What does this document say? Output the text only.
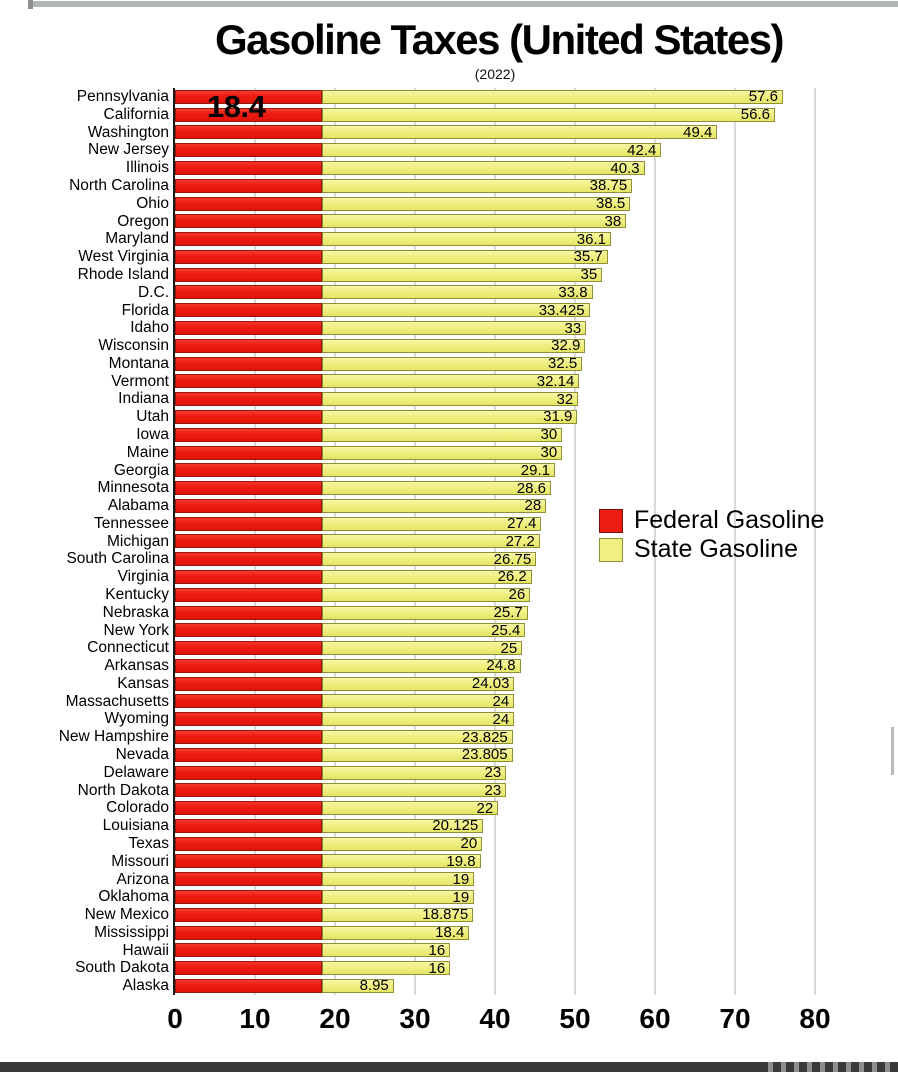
Gasoline Taxes (United States)
(2022)
Pennsylvania	57.6
California	56.6
Washington	49.4
New Jersey	42.4
Illinois	40.3
North Carolina	38.75
Ohio	38.5
Oregon	38
Maryland	36.1
West Virginia	35.7
Rhode Island	35
D.C.	33.8
Florida	33.425
Idaho	33
Wisconsin	32.9
Montana	32.5
Vermont	32.14
Indiana	32
Utah	31.9
Iowa	30
Maine	30
Georgia	29.1
Minnesota	28.6
Alabama	28
Tennessee	27.4
Michigan	27.2
South Carolina	26.75
Virginia	26.2
Kentucky	26
Nebraska	25.7
New York	25.4
Connecticut	25
Arkansas	24.8
Kansas	24.03
Massachusetts	24
Wyoming	24
New Hampshire	23.825
Nevada	23.805
Delaware	23
North Dakota	23
Colorado	22
Louisiana	20.125
Texas	20
Missouri	19.8
Arizona	19
Oklahoma	19
New Mexico	18.875
Mississippi	18.4
Hawaii	16
South Dakota	16
Alaska	8.95
18.4
Federal Gasoline
State Gasoline
0 10 20 30 40 50 60 70 80
